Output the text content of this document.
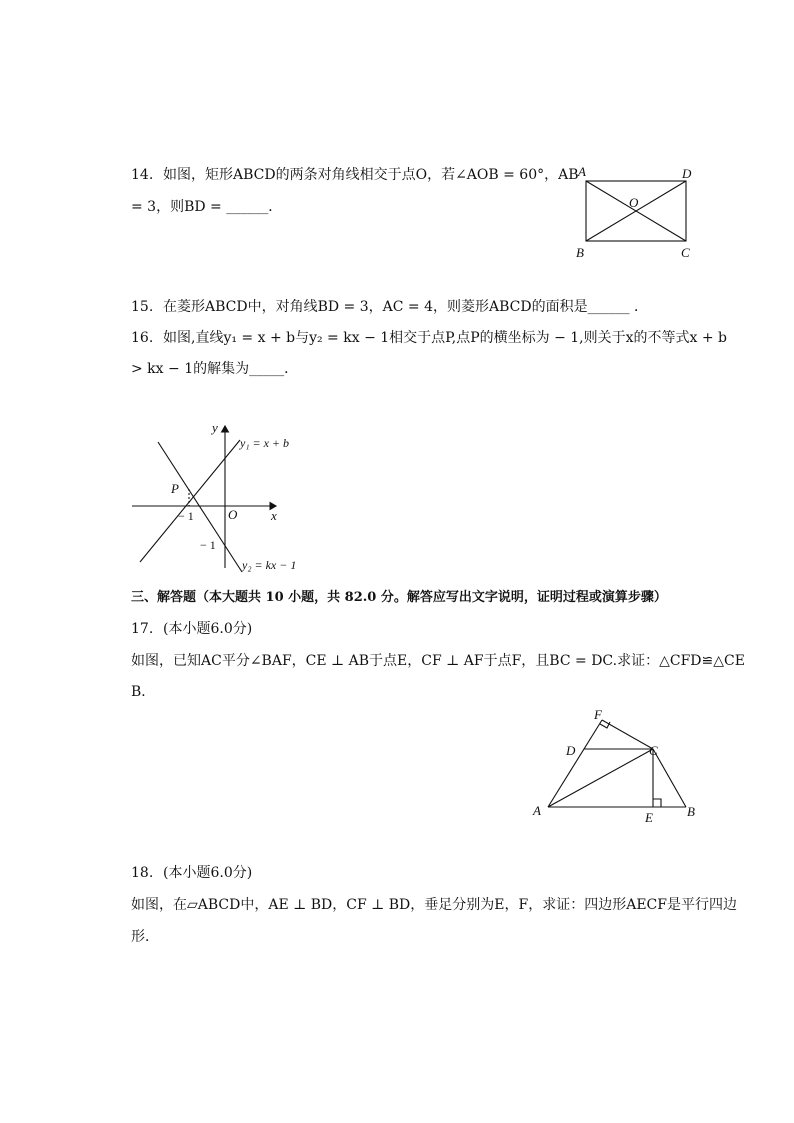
14. 如图，矩形ABCD的两条对角线相交于点O，若∠AOB = 60°，AB
= 3，则BD = ______．
A	D
O
B	C
15. 在菱形ABCD中，对角线BD = 3，AC = 4，则菱形ABCD的面积是______ ．
16. 如图,直线y₁ = x + b与y₂ = kx − 1相交于点P,点P的横坐标为 − 1,则关于x的不等式x + b
> kx − 1的解集为_____．
y
x
O
P
− 1
− 1
y₁ = x + b
y₂ = kx − 1
三、解答题（本大题共 10 小题，共 82.0 分。解答应写出文字说明，证明过程或演算步骤）
17. (本小题6.0分)
如图，已知AC平分∠BAF，CE ⊥ AB于点E，CF ⊥ AF于点F，且BC = DC.求证：△CFD≌△CE
B．
F
D	C
A	E	B
18. (本小题6.0分)
如图，在▱ABCD中，AE ⊥ BD，CF ⊥ BD，垂足分别为E，F，求证：四边形AECF是平行四边
形．
